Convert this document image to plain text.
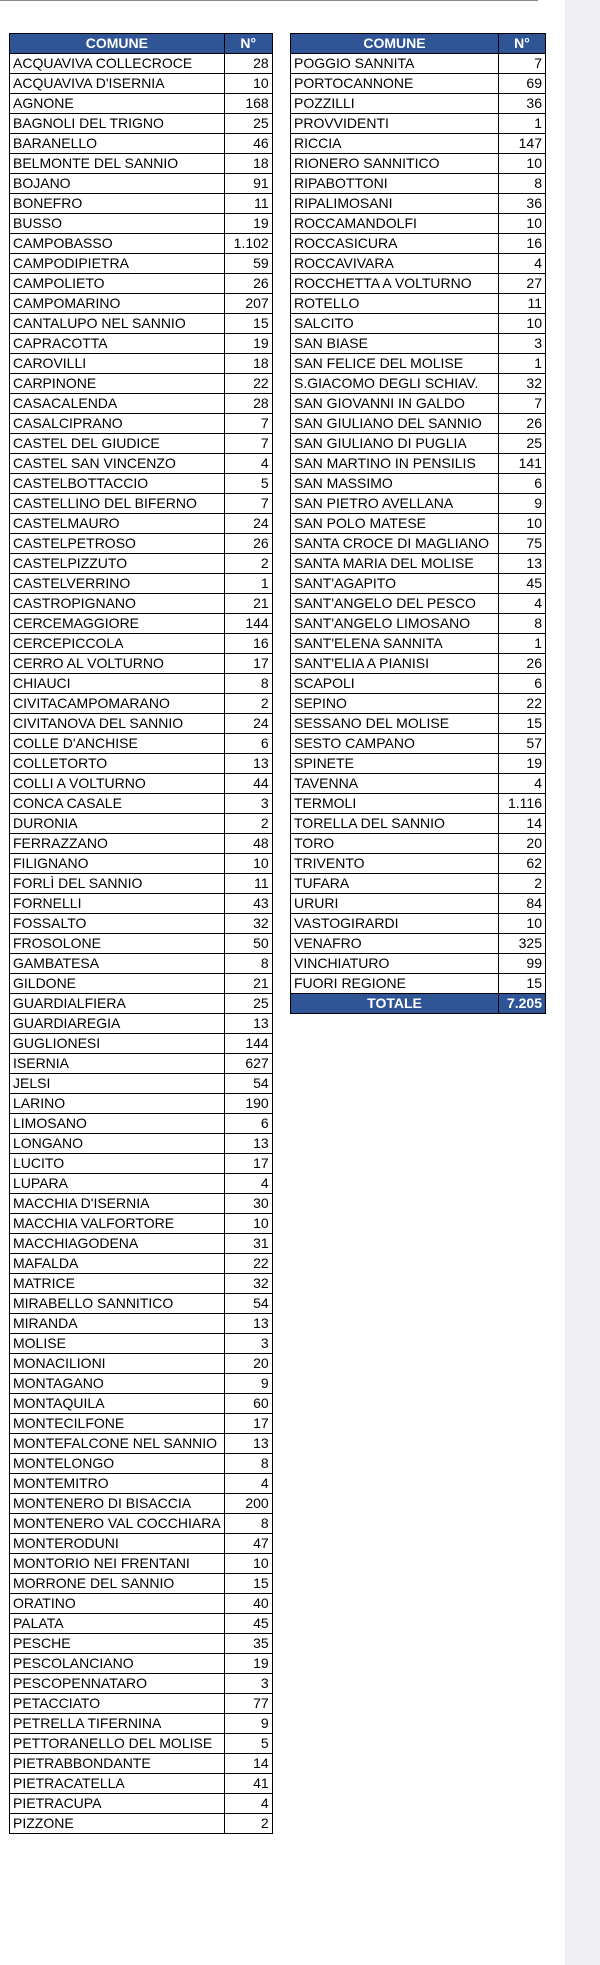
COMUNE	N°
ACQUAVIVA COLLECROCE	28
ACQUAVIVA D'ISERNIA	10
AGNONE	168
BAGNOLI DEL TRIGNO	25
BARANELLO	46
BELMONTE DEL SANNIO	18
BOJANO	91
BONEFRO	11
BUSSO	19
CAMPOBASSO	1.102
CAMPODIPIETRA	59
CAMPOLIETO	26
CAMPOMARINO	207
CANTALUPO NEL SANNIO	15
CAPRACOTTA	19
CAROVILLI	18
CARPINONE	22
CASACALENDA	28
CASALCIPRANO	7
CASTEL DEL GIUDICE	7
CASTEL SAN VINCENZO	4
CASTELBOTTACCIO	5
CASTELLINO DEL BIFERNO	7
CASTELMAURO	24
CASTELPETROSO	26
CASTELPIZZUTO	2
CASTELVERRINO	1
CASTROPIGNANO	21
CERCEMAGGIORE	144
CERCEPICCOLA	16
CERRO AL VOLTURNO	17
CHIAUCI	8
CIVITACAMPOMARANO	2
CIVITANOVA DEL SANNIO	24
COLLE D'ANCHISE	6
COLLETORTO	13
COLLI A VOLTURNO	44
CONCA CASALE	3
DURONIA	2
FERRAZZANO	48
FILIGNANO	10
FORLÌ DEL SANNIO	11
FORNELLI	43
FOSSALTO	32
FROSOLONE	50
GAMBATESA	8
GILDONE	21
GUARDIALFIERA	25
GUARDIAREGIA	13
GUGLIONESI	144
ISERNIA	627
JELSI	54
LARINO	190
LIMOSANO	6
LONGANO	13
LUCITO	17
LUPARA	4
MACCHIA D'ISERNIA	30
MACCHIA VALFORTORE	10
MACCHIAGODENA	31
MAFALDA	22
MATRICE	32
MIRABELLO SANNITICO	54
MIRANDA	13
MOLISE	3
MONACILIONI	20
MONTAGANO	9
MONTAQUILA	60
MONTECILFONE	17
MONTEFALCONE NEL SANNIO	13
MONTELONGO	8
MONTEMITRO	4
MONTENERO DI BISACCIA	200
MONTENERO VAL COCCHIARA	8
MONTERODUNI	47
MONTORIO NEI FRENTANI	10
MORRONE DEL SANNIO	15
ORATINO	40
PALATA	45
PESCHE	35
PESCOLANCIANO	19
PESCOPENNATARO	3
PETACCIATO	77
PETRELLA TIFERNINA	9
PETTORANELLO DEL MOLISE	5
PIETRABBONDANTE	14
PIETRACATELLA	41
PIETRACUPA	4
PIZZONE	2
COMUNE	N°
POGGIO SANNITA	7
PORTOCANNONE	69
POZZILLI	36
PROVVIDENTI	1
RICCIA	147
RIONERO SANNITICO	10
RIPABOTTONI	8
RIPALIMOSANI	36
ROCCAMANDOLFI	10
ROCCASICURA	16
ROCCAVIVARA	4
ROCCHETTA A VOLTURNO	27
ROTELLO	11
SALCITO	10
SAN BIASE	3
SAN FELICE DEL MOLISE	1
S.GIACOMO DEGLI SCHIAV.	32
SAN GIOVANNI IN GALDO	7
SAN GIULIANO DEL SANNIO	26
SAN GIULIANO DI PUGLIA	25
SAN MARTINO IN PENSILIS	141
SAN MASSIMO	6
SAN PIETRO AVELLANA	9
SAN POLO MATESE	10
SANTA CROCE DI MAGLIANO	75
SANTA MARIA DEL MOLISE	13
SANT'AGAPITO	45
SANT'ANGELO DEL PESCO	4
SANT'ANGELO LIMOSANO	8
SANT'ELENA SANNITA	1
SANT'ELIA A PIANISI	26
SCAPOLI	6
SEPINO	22
SESSANO DEL MOLISE	15
SESTO CAMPANO	57
SPINETE	19
TAVENNA	4
TERMOLI	1.116
TORELLA DEL SANNIO	14
TORO	20
TRIVENTO	62
TUFARA	2
URURI	84
VASTOGIRARDI	10
VENAFRO	325
VINCHIATURO	99
FUORI REGIONE	15
TOTALE	7.205
